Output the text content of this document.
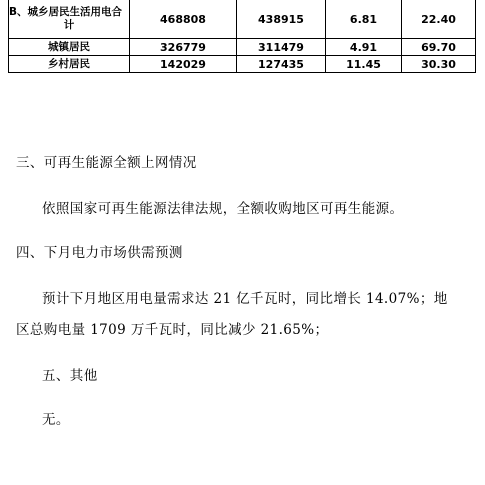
B、城乡居民生活用电合
计	468808	438915	6.81	22.40
城镇居民	326779	311479	4.91	69.70
乡村居民	142029	127435	11.45	30.30
三、可再生能源全额上网情况
依照国家可再生能源法律法规，全额收购地区可再生能源。
四、下月电力市场供需预测
预计下月地区用电量需求达 21 亿千瓦时，同比增长 14.07%；地
区总购电量 1709 万千瓦时，同比减少 21.65%；
五、其他
无。
